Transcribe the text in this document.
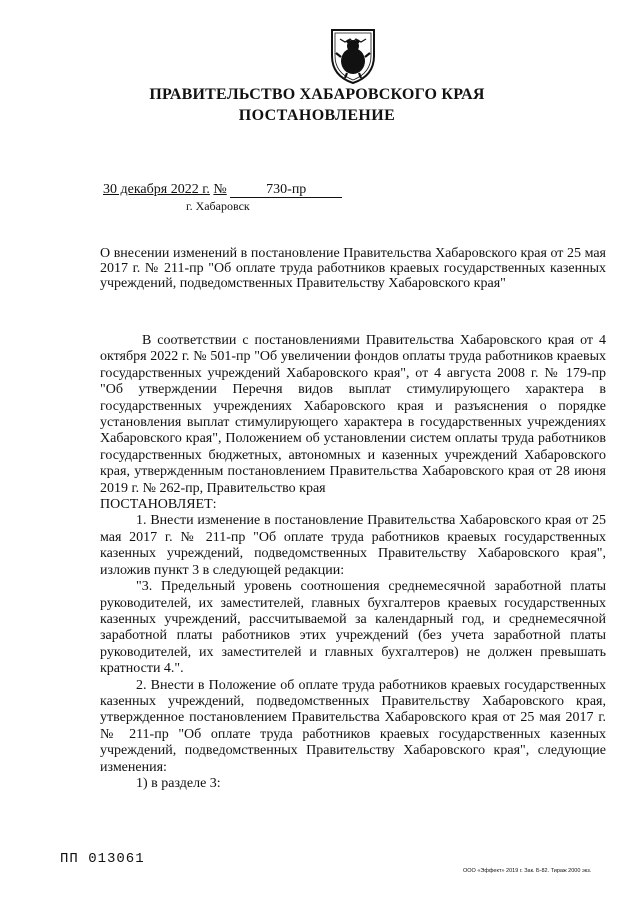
ПРАВИТЕЛЬСТВО ХАБАРОВСКОГО КРАЯ
ПОСТАНОВЛЕНИЕ
30 декабря 2022 г. №	730-пр
г. Хабаровск
О внесении изменений в постановление Правительства Хабаровского края от 25 мая 2017 г. № 211-пр "Об оплате труда работников краевых государственных казенных учреждений, подведомственных Правительству Хабаровского края"

В соответствии с постановлениями Правительства Хабаровского края от 4 октября 2022 г. № 501-пр "Об увеличении фондов оплаты труда работников краевых государственных учреждений Хабаровского края", от 4 августа 2008 г. № 179-пр "Об утверждении Перечня видов выплат стимулирующего характера в государственных учреждениях Хабаровского края и разъяснения о порядке установления выплат стимулирующего характера в государственных учреждениях Хабаровского края", Положением об установлении систем оплаты труда работников государственных бюджетных, автономных и казенных учреждений Хабаровского края, утвержденным постановлением Правительства Хабаровского края от 28 июня 2019 г. № 262-пр, Правительство края

ПОСТАНОВЛЯЕТ:

1. Внести изменение в постановление Правительства Хабаровского края от 25 мая 2017 г. № 211-пр "Об оплате труда работников краевых государственных казенных учреждений, подведомственных Правительству Хабаровского края", изложив пункт 3 в следующей редакции:

"3. Предельный уровень соотношения среднемесячной заработной платы руководителей, их заместителей, главных бухгалтеров краевых государственных казенных учреждений, рассчитываемой за календарный год, и среднемесячной заработной платы работников этих учреждений (без учета заработной платы руководителей, их заместителей и главных бухгалтеров) не должен превышать кратности 4.".

2. Внести в Положение об оплате труда работников краевых государственных казенных учреждений, подведомственных Правительству Хабаровского края, утвержденное постановлением Правительства Хабаровского края от 25 мая 2017 г. № 211-пр "Об оплате труда работников краевых государственных казенных учреждений, подведомственных Правительству Хабаровского края", следующие изменения:

1) в разделе 3:

ПП 013061
ООО «Эффект» 2019 г. Зак. Б-82. Тираж 2000 экз.
